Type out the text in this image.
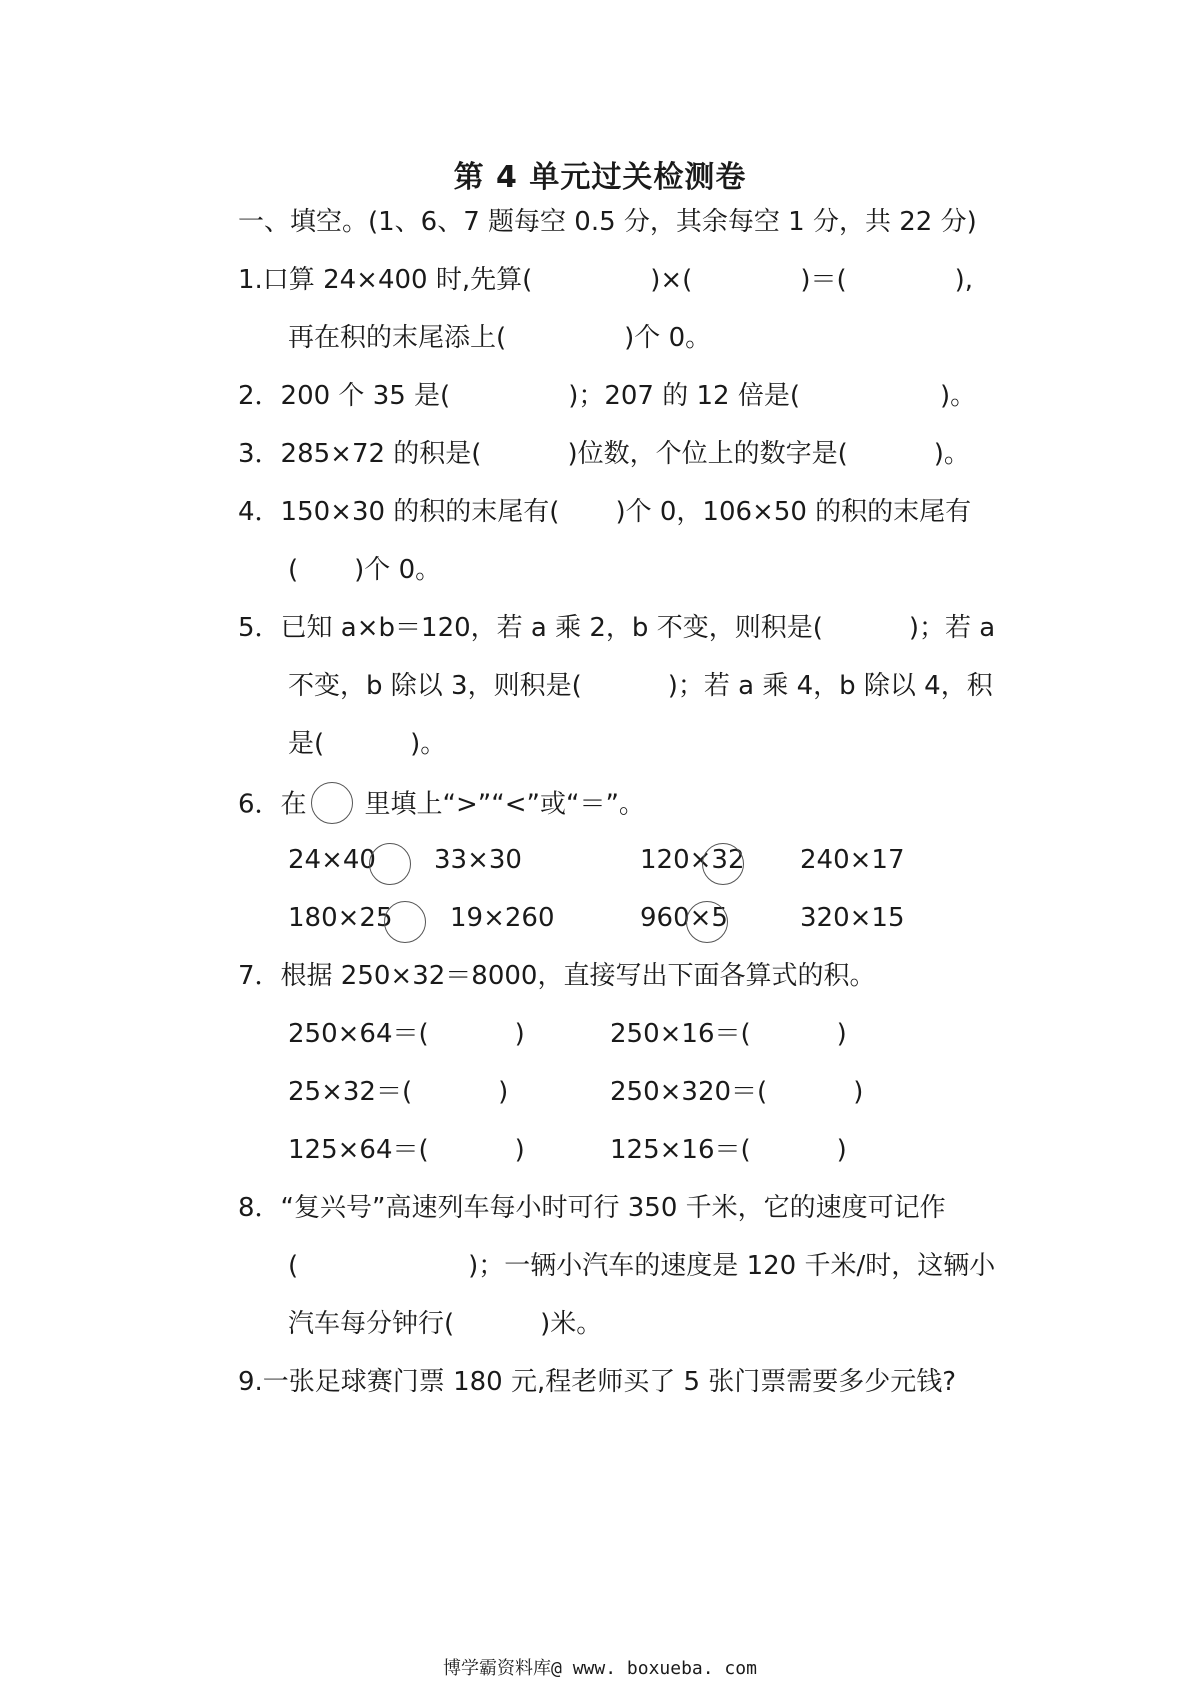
第 4 单元过关检测卷
一、填空。(1、6、7 题每空 0.5 分，其余每空 1 分，共 22 分)
1.口算 24×400 时,先算(	)×(	)＝(	),
再在积的末尾添上(	)个 0。
2．200 个 35 是(	)；207 的 12 倍是(	)。
3．285×72 的积是(	)位数，个位上的数字是(	)。
4．150×30 的积的末尾有( )个 0，106×50 的积的末尾有
( )个 0。
5．已知 a×b＝120，若 a 乘 2，b 不变，则积是(	)；若 a
不变，b 除以 3，则积是(	)；若 a 乘 4，b 除以 4，积
是(	)。
6．在 里填上“>”“<”或“＝”。
24×40 33×30	120×32 240×17
180×25 19×260	960×5	320×15
7．根据 250×32＝8000，直接写出下面各算式的积。
250×64＝(	)	250×16＝(	)
25×32＝(	)	250×320＝(	)
125×64＝(	)	125×16＝(	)
8．“复兴号”高速列车每小时可行 350 千米，它的速度可记作
(	)；一辆小汽车的速度是 120 千米/时，这辆小
汽车每分钟行(	)米。
9.一张足球赛门票 180 元,程老师买了 5 张门票需要多少元钱?
博学霸资料库@ www. boxueba. com
